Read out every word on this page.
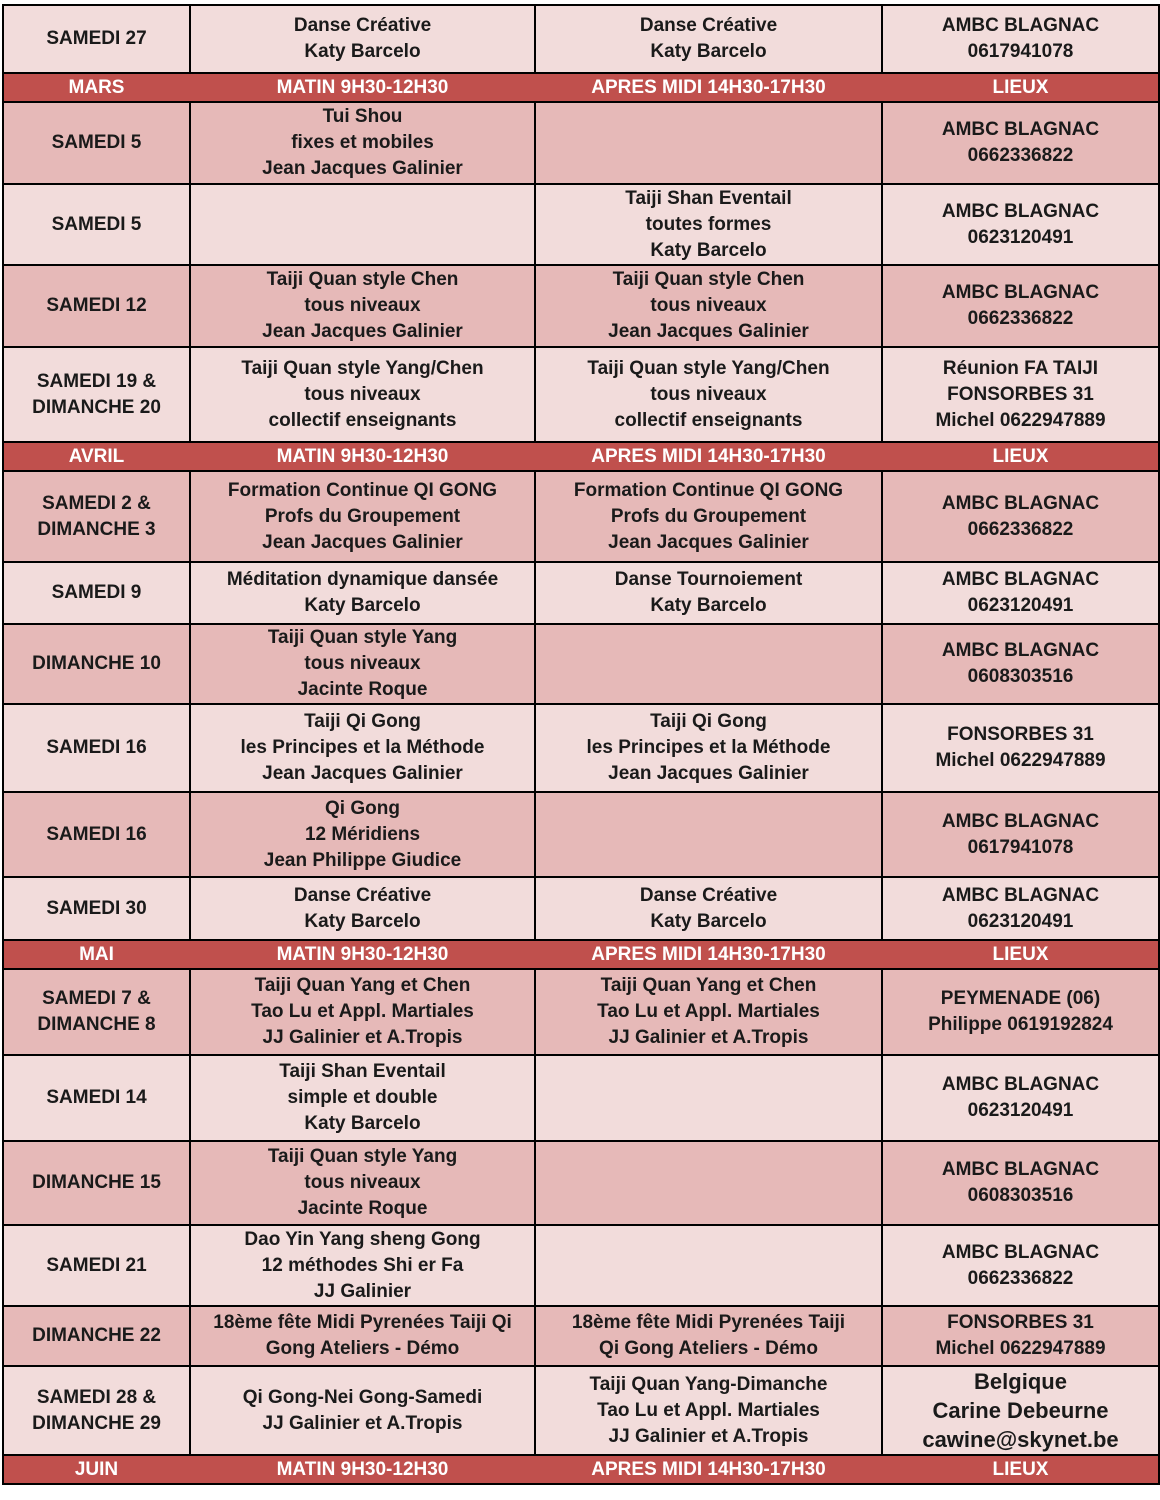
SAMEDI 27	Danse Créative
Katy Barcelo	Danse Créative
Katy Barcelo	AMBC BLAGNAC
0617941078

MARS	MATIN 9H30-12H30	APRES MIDI 14H30-17H30	LIEUX

SAMEDI 5	Tui Shou
fixes et mobiles
Jean Jacques Galinier		AMBC BLAGNAC
0662336822

SAMEDI 5		Taiji Shan Eventail
toutes formes
Katy Barcelo	AMBC BLAGNAC
0623120491

SAMEDI 12	Taiji Quan style Chen
tous niveaux
Jean Jacques Galinier	Taiji Quan style Chen
tous niveaux
Jean Jacques Galinier	AMBC BLAGNAC
0662336822

SAMEDI 19 &
DIMANCHE 20	Taiji Quan style Yang/Chen
tous niveaux
collectif enseignants	Taiji Quan style Yang/Chen
tous niveaux
collectif enseignants	Réunion FA TAIJI
FONSORBES 31
Michel 0622947889

AVRIL	MATIN 9H30-12H30	APRES MIDI 14H30-17H30	LIEUX

SAMEDI 2 &
DIMANCHE 3	Formation Continue QI GONG
Profs du Groupement
Jean Jacques Galinier	Formation Continue QI GONG
Profs du Groupement
Jean Jacques Galinier	AMBC BLAGNAC
0662336822

SAMEDI 9	Méditation dynamique dansée
Katy Barcelo	Danse Tournoiement
Katy Barcelo	AMBC BLAGNAC
0623120491

DIMANCHE 10	Taiji Quan style Yang
tous niveaux
Jacinte Roque		AMBC BLAGNAC
0608303516

SAMEDI 16	Taiji Qi Gong
les Principes et la Méthode
Jean Jacques Galinier	Taiji Qi Gong
les Principes et la Méthode
Jean Jacques Galinier	FONSORBES 31
Michel 0622947889

SAMEDI 16	Qi Gong
12 Méridiens
Jean Philippe Giudice		AMBC BLAGNAC
0617941078

SAMEDI 30	Danse Créative
Katy Barcelo	Danse Créative
Katy Barcelo	AMBC BLAGNAC
0623120491

MAI	MATIN 9H30-12H30	APRES MIDI 14H30-17H30	LIEUX

SAMEDI 7 &
DIMANCHE 8	Taiji Quan Yang et Chen
Tao Lu et Appl. Martiales
JJ Galinier et A.Tropis	Taiji Quan Yang et Chen
Tao Lu et Appl. Martiales
JJ Galinier et A.Tropis	PEYMENADE (06)
Philippe 0619192824

SAMEDI 14	Taiji Shan Eventail
simple et double
Katy Barcelo		AMBC BLAGNAC
0623120491

DIMANCHE 15	Taiji Quan style Yang
tous niveaux
Jacinte Roque		AMBC BLAGNAC
0608303516

SAMEDI 21	Dao Yin Yang sheng Gong
12 méthodes Shi er Fa
JJ Galinier		AMBC BLAGNAC
0662336822

DIMANCHE 22	18ème fête Midi Pyrenées Taiji Qi
Gong Ateliers - Démo	18ème fête Midi Pyrenées Taiji
Qi Gong Ateliers - Démo	FONSORBES 31
Michel 0622947889

SAMEDI 28 &
DIMANCHE 29	Qi Gong-Nei Gong-Samedi
JJ Galinier et A.Tropis	Taiji Quan Yang-Dimanche
Tao Lu et Appl. Martiales
JJ Galinier et A.Tropis	Belgique
Carine Debeurne
cawine@skynet.be

JUIN	MATIN 9H30-12H30	APRES MIDI 14H30-17H30	LIEUX
